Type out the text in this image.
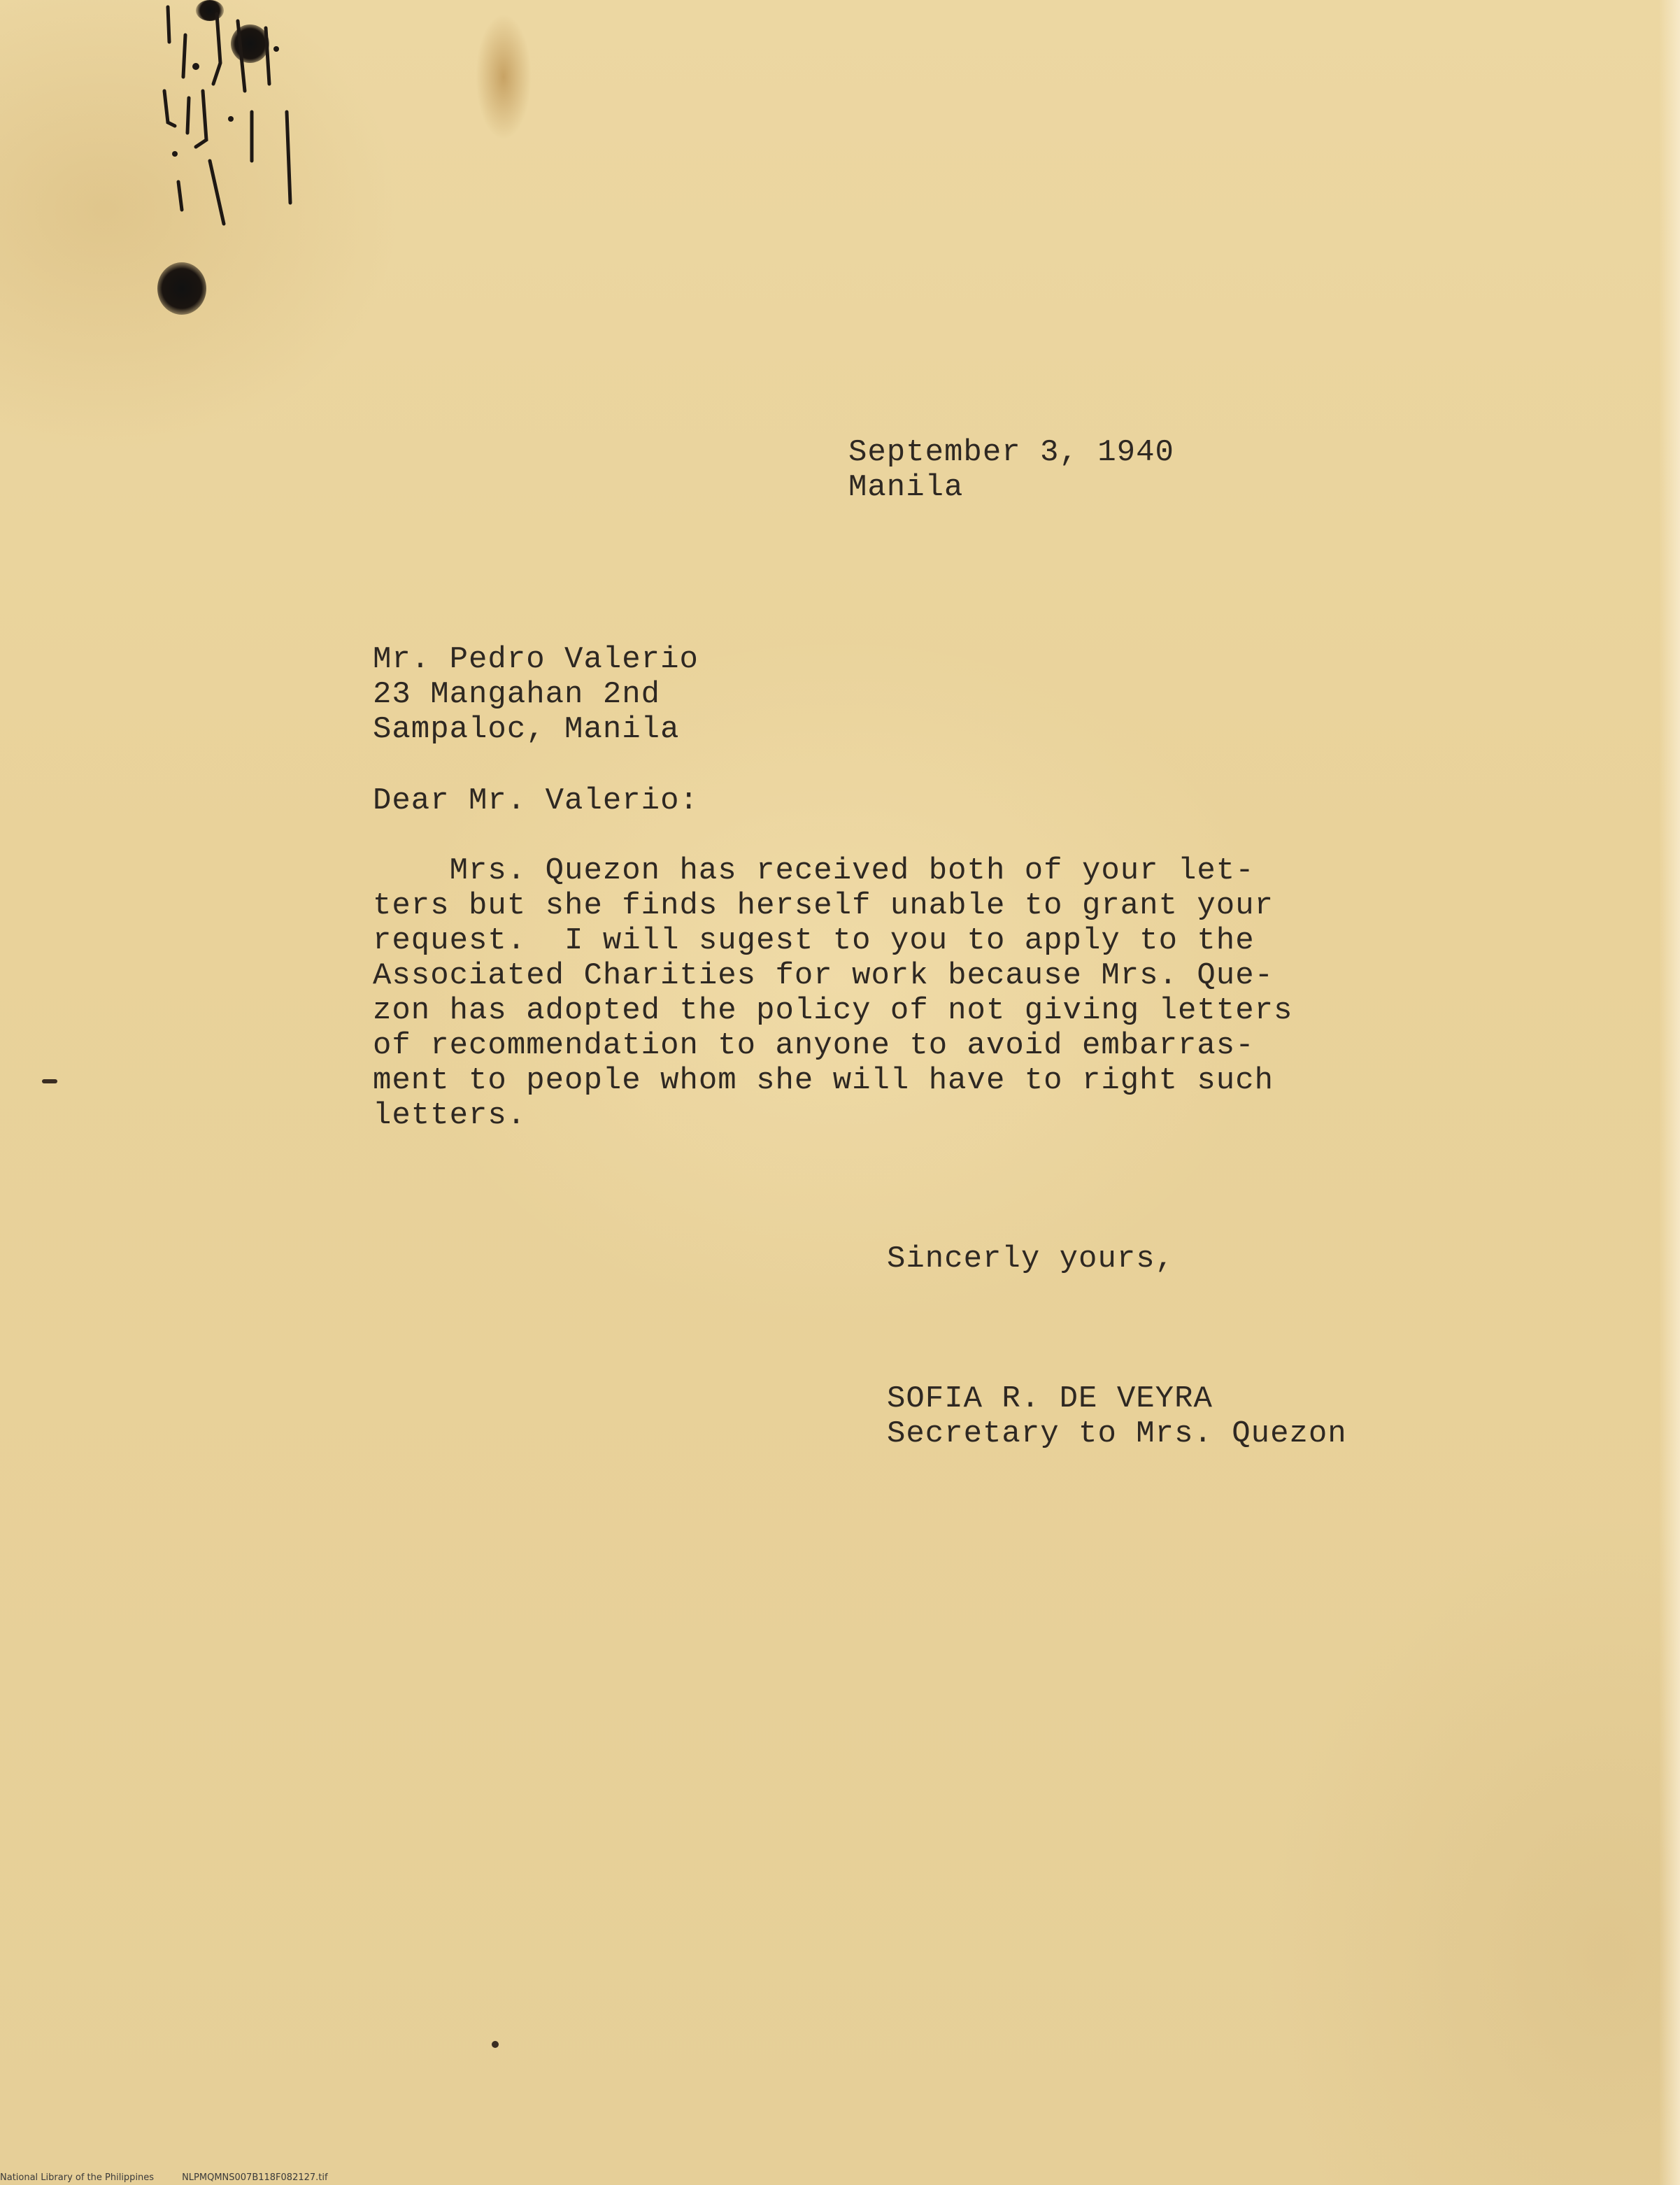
September 3, 1940
Manila
Mr. Pedro Valerio
23 Mangahan 2nd
Sampaloc, Manila
Dear Mr. Valerio:
Mrs. Quezon has received both of your let-
ters but she finds herself unable to grant your
request.  I will sugest to you to apply to the
Associated Charities for work because Mrs. Que-
zon has adopted the policy of not giving letters
of recommendation to anyone to avoid embarras-
ment to people whom she will have to right such
letters.
Sincerly yours,
SOFIA R. DE VEYRA
Secretary to Mrs. Quezon
National Library of the Philippines	NLPMQMNS007B118F082127.tif
